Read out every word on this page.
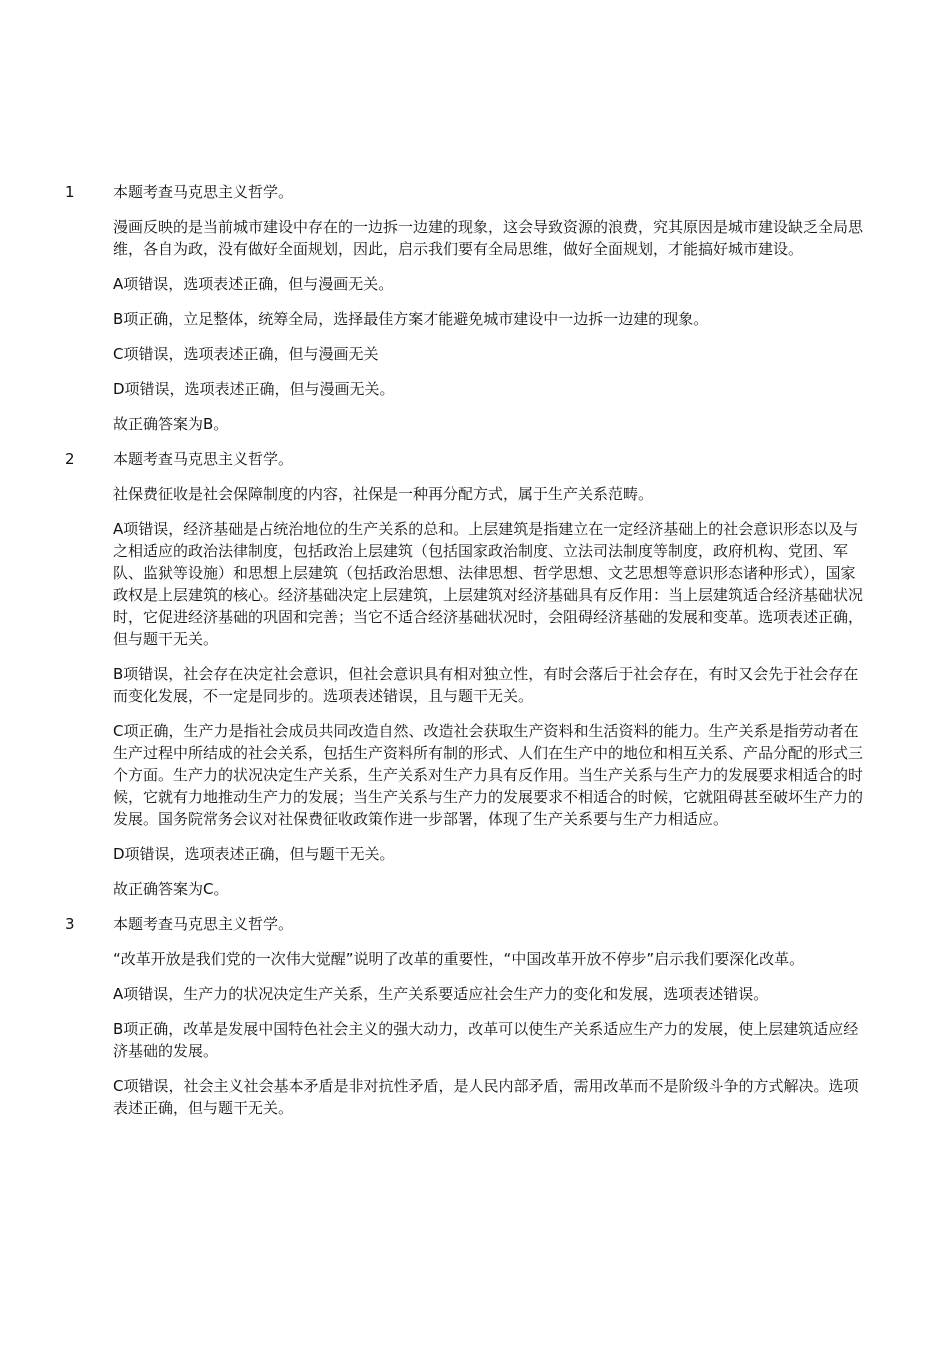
1	本题考查马克思主义哲学。

漫画反映的是当前城市建设中存在的一边拆一边建的现象，这会导致资源的浪费，究其原因是城市建设缺乏全局思维，各自为政，没有做好全面规划，因此，启示我们要有全局思维，做好全面规划，才能搞好城市建设。

A项错误，选项表述正确，但与漫画无关。

B项正确，立足整体，统筹全局，选择最佳方案才能避免城市建设中一边拆一边建的现象。

C项错误，选项表述正确，但与漫画无关

D项错误，选项表述正确，但与漫画无关。

故正确答案为B。

2	本题考查马克思主义哲学。

社保费征收是社会保障制度的内容，社保是一种再分配方式，属于生产关系范畴。

A项错误，经济基础是占统治地位的生产关系的总和。上层建筑是指建立在一定经济基础上的社会意识形态以及与之相适应的政治法律制度，包括政治上层建筑（包括国家政治制度、立法司法制度等制度，政府机构、党团、军队、监狱等设施）和思想上层建筑（包括政治思想、法律思想、哲学思想、文艺思想等意识形态诸种形式），国家政权是上层建筑的核心。经济基础决定上层建筑，上层建筑对经济基础具有反作用：当上层建筑适合经济基础状况时，它促进经济基础的巩固和完善；当它不适合经济基础状况时，会阻碍经济基础的发展和变革。选项表述正确，但与题干无关。

B项错误，社会存在决定社会意识，但社会意识具有相对独立性，有时会落后于社会存在，有时又会先于社会存在而变化发展，不一定是同步的。选项表述错误，且与题干无关。

C项正确，生产力是指社会成员共同改造自然、改造社会获取生产资料和生活资料的能力。生产关系是指劳动者在生产过程中所结成的社会关系，包括生产资料所有制的形式、人们在生产中的地位和相互关系、产品分配的形式三个方面。生产力的状况决定生产关系，生产关系对生产力具有反作用。当生产关系与生产力的发展要求相适合的时候，它就有力地推动生产力的发展；当生产关系与生产力的发展要求不相适合的时候，它就阻碍甚至破坏生产力的发展。国务院常务会议对社保费征收政策作进一步部署，体现了生产关系要与生产力相适应。

D项错误，选项表述正确，但与题干无关。

故正确答案为C。

3	本题考查马克思主义哲学。

“改革开放是我们党的一次伟大觉醒”说明了改革的重要性，“中国改革开放不停步”启示我们要深化改革。

A项错误，生产力的状况决定生产关系，生产关系要适应社会生产力的变化和发展，选项表述错误。

B项正确，改革是发展中国特色社会主义的强大动力，改革可以使生产关系适应生产力的发展，使上层建筑适应经济基础的发展。

C项错误，社会主义社会基本矛盾是非对抗性矛盾，是人民内部矛盾，需用改革而不是阶级斗争的方式解决。选项表述正确，但与题干无关。
